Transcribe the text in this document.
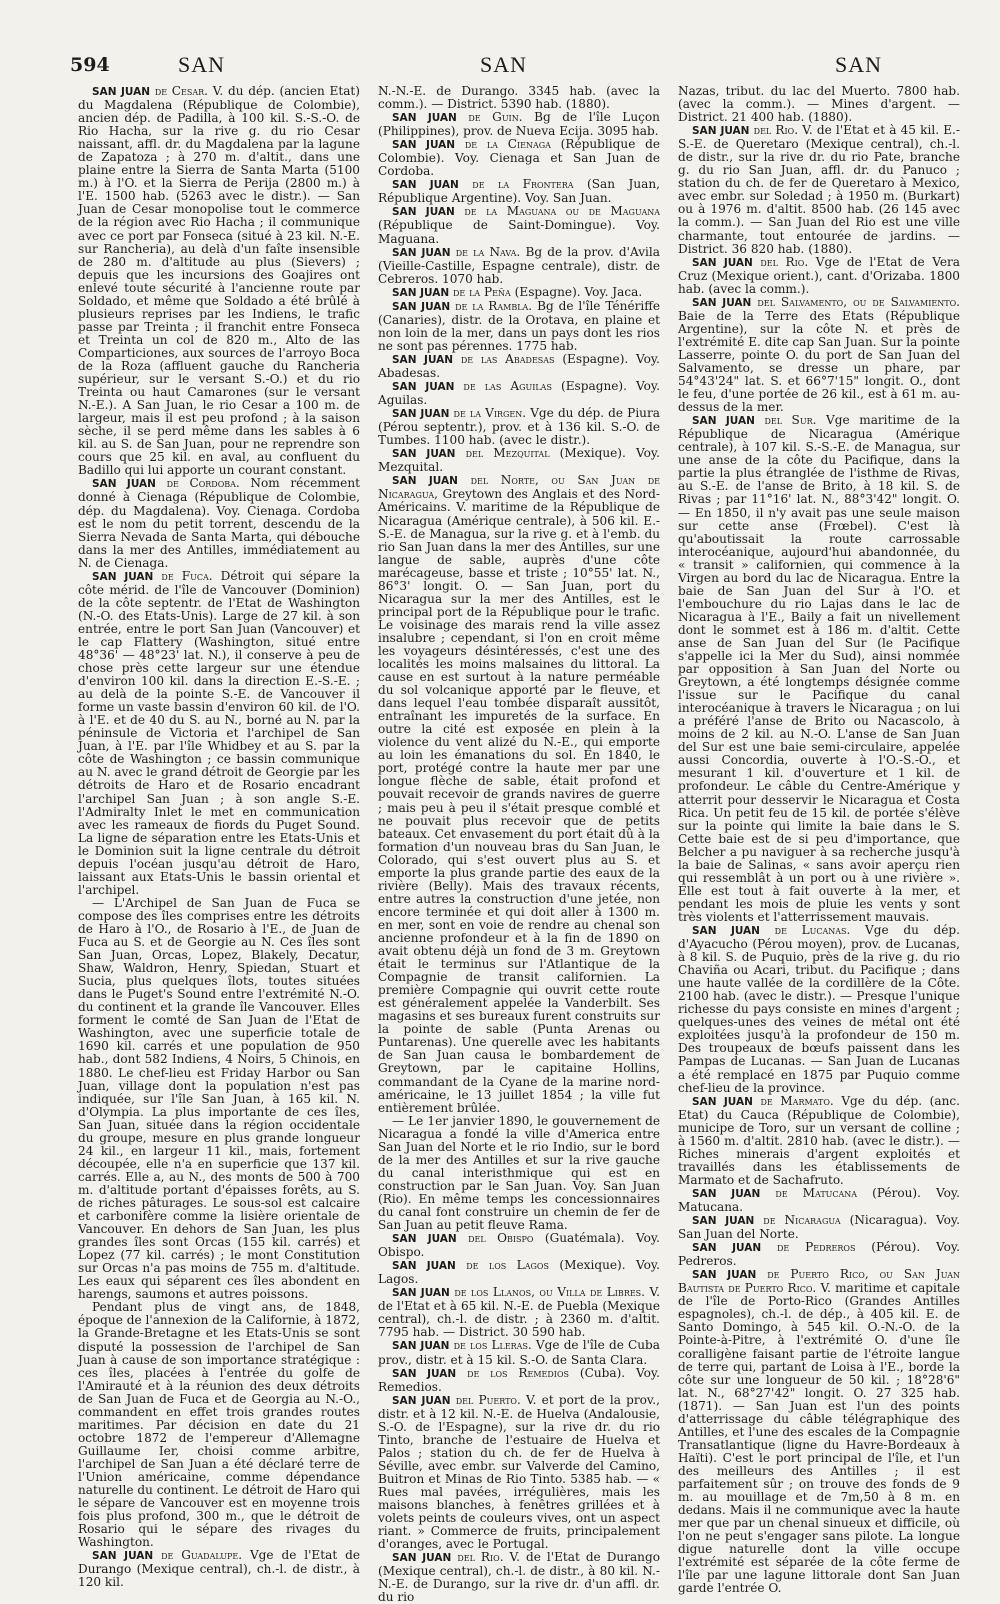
594	SAN	SAN	SAN

SAN JUAN de Cesar. V. du dép. (ancien Etat) du Magdalena (République de Colombie), ancien dép. de Padilla, à 100 kil. S.-S.-O. de Rio Hacha, sur la rive g. du rio Cesar naissant, affl. dr. du Magdalena par la lagune de Zapatoza ; à 270 m. d'altit., dans une plaine entre la Sierra de Santa Marta (5100 m.) à l'O. et la Sierra de Perija (2800 m.) à l'E. 1500 hab. (5263 avec le distr.). — San Juan de Cesar monopolise tout le commerce de la région avec Rio Hacha ; il communique avec ce port par Fonseca (situé à 23 kil. N.-E. sur Rancheria), au delà d'un faîte insensible de 280 m. d'altitude au plus (Sievers) ; depuis que les incursions des Goajires ont enlevé toute sécurité à l'ancienne route par Soldado, et même que Soldado a été brûlé à plusieurs reprises par les Indiens, le trafic passe par Treinta ; il franchit entre Fonseca et Treinta un col de 820 m., Alto de las Comparticiones, aux sources de l'arroyo Boca de la Roza (affluent gauche du Rancheria supérieur, sur le versant S.-O.) et du rio Treinta ou haut Camarones (sur le versant N.-E.). A San Juan, le rio Cesar a 100 m. de largeur, mais il est peu profond ; à la saison sèche, il se perd même dans les sables à 6 kil. au S. de San Juan, pour ne reprendre son cours que 25 kil. en aval, au confluent du Badillo qui lui apporte un courant constant.

SAN JUAN de Cordoba. Nom récemment donné à Cienaga (République de Colombie, dép. du Magdalena). Voy. Cienaga. Cordoba est le nom du petit torrent, descendu de la Sierra Nevada de Santa Marta, qui débouche dans la mer des Antilles, immédiatement au N. de Cienaga.

SAN JUAN de Fuca. Détroit qui sépare la côte mérid. de l'île de Vancouver (Dominion) de la côte septentr. de l'Etat de Washington (N.-O. des Etats-Unis). Large de 27 kil. à son entrée, entre le port San Juan (Vancouver) et le cap Flattery (Washington, situé entre 48°36' — 48°23' lat. N.), il conserve à peu de chose près cette largeur sur une étendue d'environ 100 kil. dans la direction E.-S.-E. ; au delà de la pointe S.-E. de Vancouver il forme un vaste bassin d'environ 60 kil. de l'O. à l'E. et de 40 du S. au N., borné au N. par la péninsule de Victoria et l'archipel de San Juan, à l'E. par l'île Whidbey et au S. par la côte de Washington ; ce bassin communique au N. avec le grand détroit de Georgie par les détroits de Haro et de Rosario encadrant l'archipel San Juan ; à son angle S.-E. l'Admiralty Inlet le met en communication avec les rameaux de fiords du Puget Sound. La ligne de séparation entre les Etats-Unis et le Dominion suit la ligne centrale du détroit depuis l'océan jusqu'au détroit de Haro, laissant aux Etats-Unis le bassin oriental et l'archipel.

— L'Archipel de San Juan de Fuca se compose des îles comprises entre les détroits de Haro à l'O., de Rosario à l'E., de Juan de Fuca au S. et de Georgie au N. Ces îles sont San Juan, Orcas, Lopez, Blakely, Decatur, Shaw, Waldron, Henry, Spiedan, Stuart et Sucia, plus quelques îlots, toutes situées dans le Puget's Sound entre l'extrémité N.-O. du continent et la grande île Vancouver. Elles forment le comté de San Juan de l'Etat de Washington, avec une superficie totale de 1690 kil. carrés et une population de 950 hab., dont 582 Indiens, 4 Noirs, 5 Chinois, en 1880. Le chef-lieu est Friday Harbor ou San Juan, village dont la population n'est pas indiquée, sur l'île San Juan, à 165 kil. N. d'Olympia. La plus importante de ces îles, San Juan, située dans la région occidentale du groupe, mesure en plus grande longueur 24 kil., en largeur 11 kil., mais, fortement découpée, elle n'a en superficie que 137 kil. carrés. Elle a, au N., des monts de 500 à 700 m. d'altitude portant d'épaisses forêts, au S. de riches pâturages. Le sous-sol est calcaire et carbonifère comme la lisière orientale de Vancouver. En dehors de San Juan, les plus grandes îles sont Orcas (155 kil. carrés) et Lopez (77 kil. carrés) ; le mont Constitution sur Orcas n'a pas moins de 755 m. d'altitude. Les eaux qui séparent ces îles abondent en harengs, saumons et autres poissons.

Pendant plus de vingt ans, de 1848, époque de l'annexion de la Californie, à 1872, la Grande-Bretagne et les Etats-Unis se sont disputé la possession de l'archipel de San Juan à cause de son importance stratégique : ces îles, placées à l'entrée du golfe de l'Amirauté et à la réunion des deux détroits de San Juan de Fuca et de Georgia au N.-O., commandent en effet trois grandes routes maritimes. Par décision en date du 21 octobre 1872 de l'empereur d'Allemagne Guillaume Ier, choisi comme arbitre, l'archipel de San Juan a été déclaré terre de l'Union américaine, comme dépendance naturelle du continent. Le détroit de Haro qui le sépare de Vancouver est en moyenne trois fois plus profond, 300 m., que le détroit de Rosario qui le sépare des rivages du Washington.

SAN JUAN de Guadalupe. Vge de l'Etat de Durango (Mexique central), ch.-l. de distr., à 120 kil.

N.-N.-E. de Durango. 3345 hab. (avec la comm.). — District. 5390 hab. (1880).

SAN JUAN de Guin. Bg de l'île Luçon (Philippines), prov. de Nueva Ecija. 3095 hab.

SAN JUAN de la Cienaga (République de Colombie). Voy. Cienaga et San Juan de Cordoba.

SAN JUAN de la Frontera (San Juan, République Argentine). Voy. San Juan.

SAN JUAN de la Maguana ou de Maguana (République de Saint-Domingue). Voy. Maguana.

SAN JUAN de la Nava. Bg de la prov. d'Avila (Vieille-Castille, Espagne centrale), distr. de Cebreros. 1070 hab.

SAN JUAN de la Peña (Espagne). Voy. Jaca.

SAN JUAN de la Rambla. Bg de l'île Ténériffe (Canaries), distr. de la Orotava, en plaine et non loin de la mer, dans un pays dont les rios ne sont pas pérennes. 1775 hab.

SAN JUAN de las Abadesas (Espagne). Voy. Abadesas.

SAN JUAN de las Aguilas (Espagne). Voy. Aguilas.

SAN JUAN de la Virgen. Vge du dép. de Piura (Pérou septentr.), prov. et à 136 kil. S.-O. de Tumbes. 1100 hab. (avec le distr.).

SAN JUAN del Mezquital (Mexique). Voy. Mezquital.

SAN JUAN del Norte, ou San Juan de Nicaragua, Greytown des Anglais et des Nord-Américains. V. maritime de la République de Nicaragua (Amérique centrale), à 506 kil. E.-S.-E. de Managua, sur la rive g. et à l'emb. du rio San Juan dans la mer des Antilles, sur une langue de sable, auprès d'une côte marécageuse, basse et triste ; 10°55' lat. N., 86°3' longit. O. — San Juan, port du Nicaragua sur la mer des Antilles, est le principal port de la République pour le trafic. Le voisinage des marais rend la ville assez insalubre ; cependant, si l'on en croit même les voyageurs désintéressés, c'est une des localités les moins malsaines du littoral. La cause en est surtout à la nature perméable du sol volcanique apporté par le fleuve, et dans lequel l'eau tombée disparaît aussitôt, entraînant les impuretés de la surface. En outre la cité est exposée en plein à la violence du vent alizé du N.-E., qui emporte au loin les émanations du sol. En 1840, le port, protégé contre la haute mer par une longue flèche de sable, était profond et pouvait recevoir de grands navires de guerre ; mais peu à peu il s'était presque comblé et ne pouvait plus recevoir que de petits bateaux. Cet envasement du port était dû à la formation d'un nouveau bras du San Juan, le Colorado, qui s'est ouvert plus au S. et emporte la plus grande partie des eaux de la rivière (Belly). Mais des travaux récents, entre autres la construction d'une jetée, non encore terminée et qui doit aller à 1300 m. en mer, sont en voie de rendre au chenal son ancienne profondeur et à la fin de 1890 on avait obtenu déjà un fond de 3 m. Greytown était le terminus sur l'Atlantique de la Compagnie de transit californien. La première Compagnie qui ouvrit cette route est généralement appelée la Vanderbilt. Ses magasins et ses bureaux furent construits sur la pointe de sable (Punta Arenas ou Puntarenas). Une querelle avec les habitants de San Juan causa le bombardement de Greytown, par le capitaine Hollins, commandant de la Cyane de la marine nord-américaine, le 13 juillet 1854 ; la ville fut entièrement brûlée.

— Le 1er janvier 1890, le gouvernement de Nicaragua a fondé la ville d'America entre San Juan del Norte et le rio Indio, sur le bord de la mer des Antilles et sur la rive gauche du canal interisthmique qui est en construction par le San Juan. Voy. San Juan (Rio). En même temps les concessionnaires du canal font construire un chemin de fer de San Juan au petit fleuve Rama.

SAN JUAN del Obispo (Guatémala). Voy. Obispo.

SAN JUAN de los Lagos (Mexique). Voy. Lagos.

SAN JUAN de los Llanos, ou Villa de Libres. V. de l'Etat et à 65 kil. N.-E. de Puebla (Mexique central), ch.-l. de distr. ; à 2360 m. d'altit. 7795 hab. — District. 30 590 hab.

SAN JUAN de los Lleras. Vge de l'île de Cuba prov., distr. et à 15 kil. S.-O. de Santa Clara.

SAN JUAN de los Remedios (Cuba). Voy. Remedios.

SAN JUAN del Puerto. V. et port de la prov., distr. et à 12 kil. N.-E. de Huelva (Andalousie, S.-O. de l'Espagne), sur la rive dr. du rio Tinto, branche de l'estuaire de Huelva et Palos ; station du ch. de fer de Huelva à Séville, avec embr. sur Valverde del Camino, Buitron et Minas de Rio Tinto. 5385 hab. — « Rues mal pavées, irrégulières, mais les maisons blanches, à fenêtres grillées et à volets peints de couleurs vives, ont un aspect riant. » Commerce de fruits, principalement d'oranges, avec le Portugal.

SAN JUAN del Rio. V. de l'Etat de Durango (Mexique central), ch.-l. de distr., à 80 kil. N.-N.-E. de Durango, sur la rive dr. d'un affl. dr. du rio

Nazas, tribut. du lac del Muerto. 7800 hab. (avec la comm.). — Mines d'argent. — District. 21 400 hab. (1880).

SAN JUAN del Rio. V. de l'Etat et à 45 kil. E.-S.-E. de Queretaro (Mexique central), ch.-l. de distr., sur la rive dr. du rio Pate, branche g. du rio San Juan, affl. dr. du Panuco ; station du ch. de fer de Queretaro à Mexico, avec embr. sur Soledad ; à 1950 m. (Burkart) ou à 1976 m. d'altit. 8500 hab. (26 145 avec la comm.). — San Juan del Rio est une ville charmante, tout entourée de jardins. — District. 36 820 hab. (1880).

SAN JUAN del Rio. Vge de l'Etat de Vera Cruz (Mexique orient.), cant. d'Orizaba. 1800 hab. (avec la comm.).

SAN JUAN del Salvamento, ou de Salvamiento. Baie de la Terre des Etats (République Argentine), sur la côte N. et près de l'extrémité E. dite cap San Juan. Sur la pointe Lasserre, pointe O. du port de San Juan del Salvamento, se dresse un phare, par 54°43'24" lat. S. et 66°7'15" longit. O., dont le feu, d'une portée de 26 kil., est à 61 m. au-dessus de la mer.

SAN JUAN del Sur. Vge maritime de la République de Nicaragua (Amérique centrale), à 107 kil. S.-S.-E. de Managua, sur une anse de la côte du Pacifique, dans la partie la plus étranglée de l'isthme de Rivas, au S.-E. de l'anse de Brito, à 18 kil. S. de Rivas ; par 11°16' lat. N., 88°3'42" longit. O. — En 1850, il n'y avait pas une seule maison sur cette anse (Frœbel). C'est là qu'aboutissait la route carrossable interocéanique, aujourd'hui abandonnée, du « transit » californien, qui commence à la Virgen au bord du lac de Nicaragua. Entre la baie de San Juan del Sur à l'O. et l'embouchure du rio Lajas dans le lac de Nicaragua à l'E., Baily a fait un nivellement dont le sommet est à 186 m. d'altit. Cette anse de San Juan del Sur (le Pacifique s'appelle ici la Mer du Sud), ainsi nommée par opposition à San Juan del Norte ou Greytown, a été longtemps désignée comme l'issue sur le Pacifique du canal interocéanique à travers le Nicaragua ; on lui a préféré l'anse de Brito ou Nacascolo, à moins de 2 kil. au N.-O. L'anse de San Juan del Sur est une baie semi-circulaire, appelée aussi Concordia, ouverte à l'O.-S.-O., et mesurant 1 kil. d'ouverture et 1 kil. de profondeur. Le câble du Centre-Amérique y atterrit pour desservir le Nicaragua et Costa Rica. Un petit feu de 15 kil. de portée s'élève sur la pointe qui limite la baie dans le S. Cette baie est de si peu d'importance, que Belcher a pu naviguer à sa recherche jusqu'à la baie de Salinas, « sans avoir aperçu rien qui ressemblât à un port ou à une rivière ». Elle est tout à fait ouverte à la mer, et pendant les mois de pluie les vents y sont très violents et l'atterrissement mauvais.

SAN JUAN de Lucanas. Vge du dép. d'Ayacucho (Pérou moyen), prov. de Lucanas, à 8 kil. S. de Puquio, près de la rive g. du rio Chaviña ou Acari, tribut. du Pacifique ; dans une haute vallée de la cordillère de la Côte. 2100 hab. (avec le distr.). — Presque l'unique richesse du pays consiste en mines d'argent ; quelques-unes des veines de métal ont été exploitées jusqu'à la profondeur de 150 m. Des troupeaux de bœufs paissent dans les Pampas de Lucanas. — San Juan de Lucanas a été remplacé en 1875 par Puquio comme chef-lieu de la province.

SAN JUAN de Marmato. Vge du dép. (anc. Etat) du Cauca (République de Colombie), municipe de Toro, sur un versant de colline ; à 1560 m. d'altit. 2810 hab. (avec le distr.). — Riches minerais d'argent exploités et travaillés dans les établissements de Marmato et de Sachafruto.

SAN JUAN de Matucana (Pérou). Voy. Matucana.

SAN JUAN de Nicaragua (Nicaragua). Voy. San Juan del Norte.

SAN JUAN de Pedreros (Pérou). Voy. Pedreros.

SAN JUAN de Puerto Rico, ou San Juan Bautista de Puerto Rico. V. maritime et capitale de l'île de Porto-Rico (Grandes Antilles espagnoles), ch.-l. de dép., à 405 kil. E. de Santo Domingo, à 545 kil. O.-N.-O. de la Pointe-à-Pitre, à l'extrémité O. d'une île coralligène faisant partie de l'étroite langue de terre qui, partant de Loisa à l'E., borde la côte sur une longueur de 50 kil. ; 18°28'6" lat. N., 68°27'42" longit. O. 27 325 hab. (1871). — San Juan est l'un des points d'atterrissage du câble télégraphique des Antilles, et l'une des escales de la Compagnie Transatlantique (ligne du Havre-Bordeaux à Haïti). C'est le port principal de l'île, et l'un des meilleurs des Antilles ; il est parfaitement sûr ; on trouve des fonds de 9 m. au mouillage et de 7m,50 à 8 m. en dedans. Mais il ne communique avec la haute mer que par un chenal sinueux et difficile, où l'on ne peut s'engager sans pilote. La longue digue naturelle dont la ville occupe l'extrémité est séparée de la côte ferme de l'île par une lagune littorale dont San Juan garde l'entrée O.
